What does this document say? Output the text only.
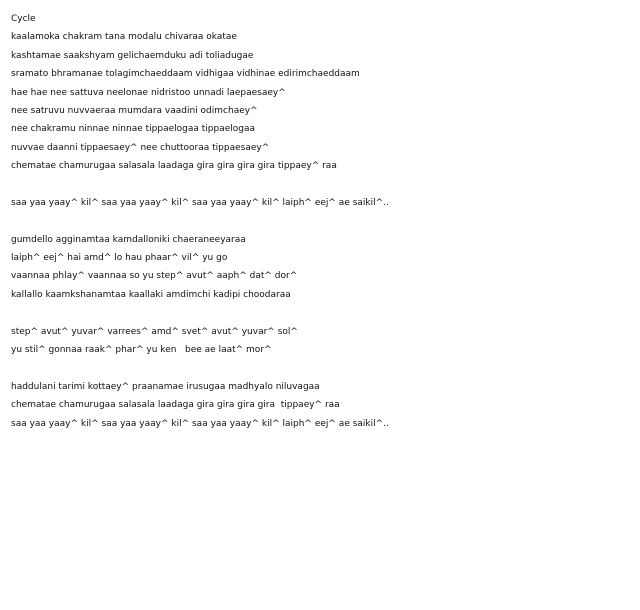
Cycle
kaalamoka chakram tana modalu chivaraa okatae
kashtamae saakshyam gelichaemduku adi toliadugae
sramato bhramanae tolagimchaeddaam vidhigaa vidhinae edirimchaeddaam
hae hae nee sattuva neelonae nidristoo unnadi laepaesaey^
nee satruvu nuvvaeraa mumdara vaadini odimchaey^
nee chakramu ninnae ninnae tippaelogaa tippaelogaa
nuvvae daanni tippaesaey^ nee chuttooraa tippaesaey^
chematae chamurugaa salasala laadaga gira gira gira gira tippaey^ raa
saa yaa yaay^ kil^ saa yaa yaay^ kil^ saa yaa yaay^ kil^ laiph^ eej^ ae saikil^..
gumdello agginamtaa kamdalloniki chaeraneeyaraa
laiph^ eej^ hai amd^ lo hau phaar^ vil^ yu go
vaannaa phlay^ vaannaa so yu step^ avut^ aaph^ dat^ dor^
kallallo kaamkshanamtaa kaallaki amdimchi kadipi choodaraa
step^ avut^ yuvar^ varrees^ amd^ svet^ avut^ yuvar^ sol^
yu stil^ gonnaa raak^ phar^ yu ken   bee ae laat^ mor^
haddulani tarimi kottaey^ praanamae irusugaa madhyalo niluvagaa
chematae chamurugaa salasala laadaga gira gira gira gira  tippaey^ raa
saa yaa yaay^ kil^ saa yaa yaay^ kil^ saa yaa yaay^ kil^ laiph^ eej^ ae saikil^..
